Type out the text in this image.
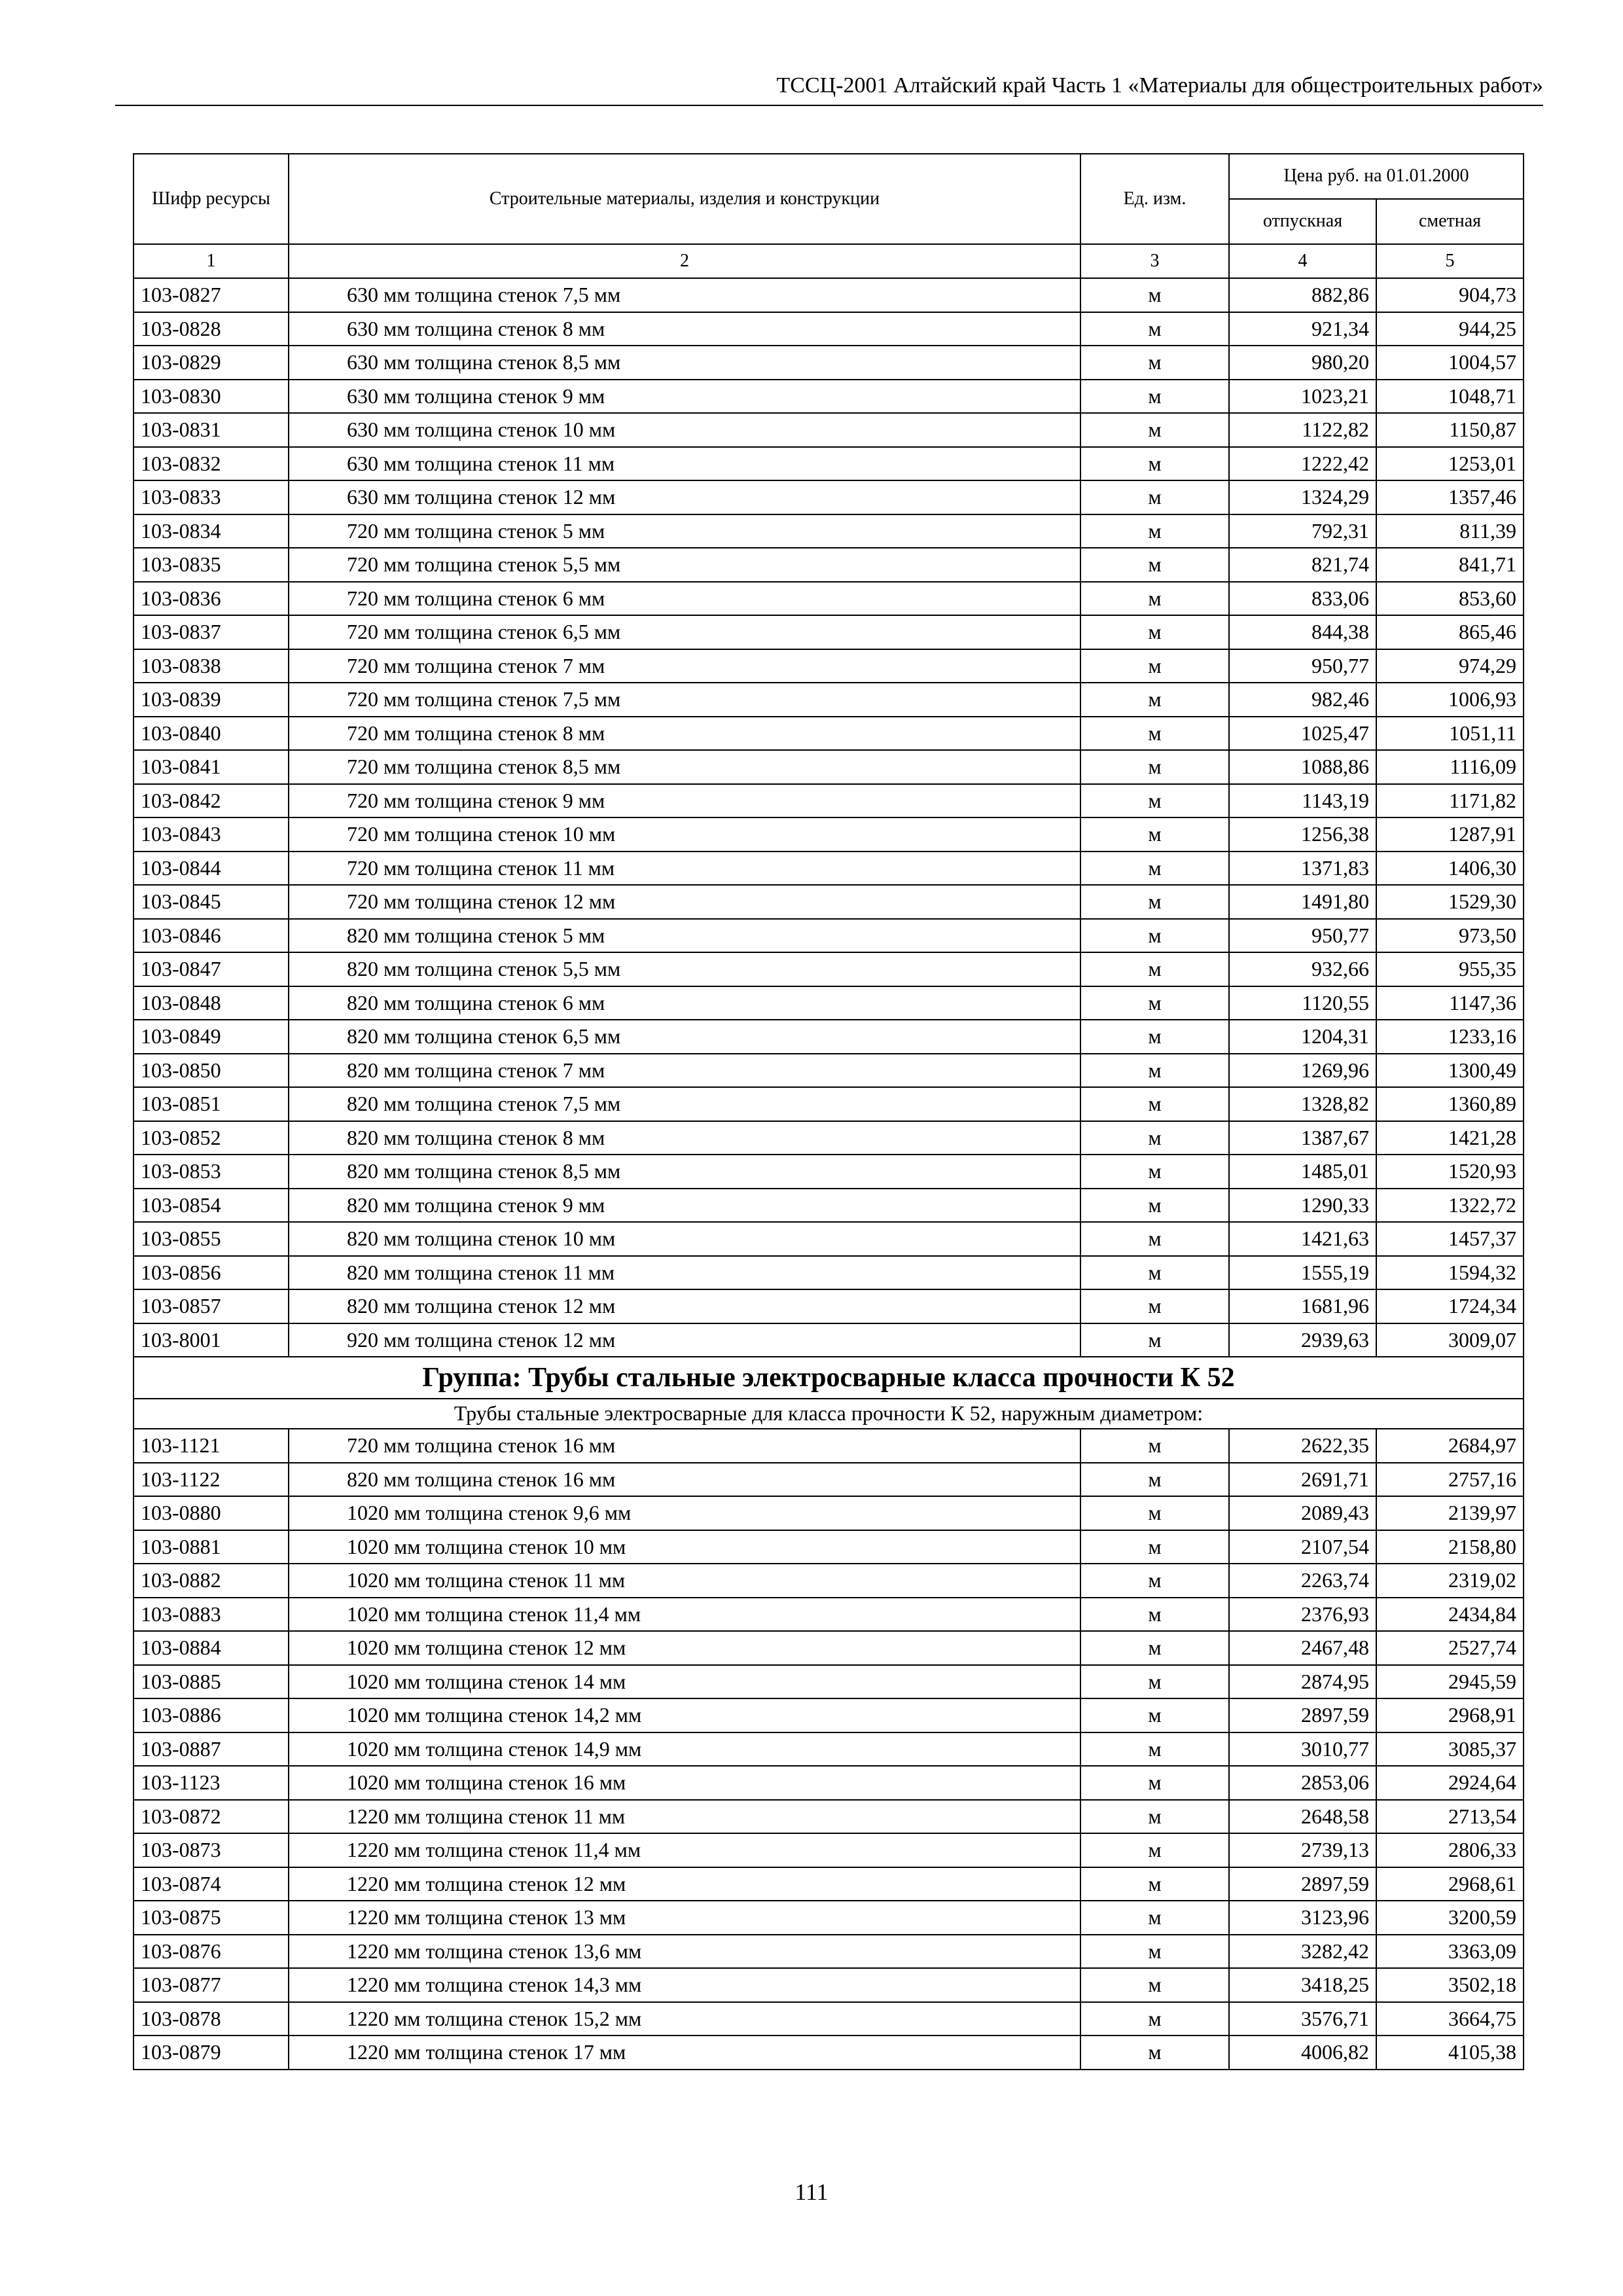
ТССЦ-2001 Алтайский край Часть 1 «Материалы для общестроительных работ»
Шифр ресурсы	Строительные материалы, изделия и конструкции	Ед. изм.	Цена руб. на 01.01.2000	
			отпускная	сметная
1	2	3	4	5
103-0827	630 мм толщина стенок 7,5 мм	м	882,86	904,73
103-0828	630 мм толщина стенок 8 мм	м	921,34	944,25
103-0829	630 мм толщина стенок 8,5 мм	м	980,20	1004,57
103-0830	630 мм толщина стенок 9 мм	м	1023,21	1048,71
103-0831	630 мм толщина стенок 10 мм	м	1122,82	1150,87
103-0832	630 мм толщина стенок 11 мм	м	1222,42	1253,01
103-0833	630 мм толщина стенок 12 мм	м	1324,29	1357,46
103-0834	720 мм толщина стенок 5 мм	м	792,31	811,39
103-0835	720 мм толщина стенок 5,5 мм	м	821,74	841,71
103-0836	720 мм толщина стенок 6 мм	м	833,06	853,60
103-0837	720 мм толщина стенок 6,5 мм	м	844,38	865,46
103-0838	720 мм толщина стенок 7 мм	м	950,77	974,29
103-0839	720 мм толщина стенок 7,5 мм	м	982,46	1006,93
103-0840	720 мм толщина стенок 8 мм	м	1025,47	1051,11
103-0841	720 мм толщина стенок 8,5 мм	м	1088,86	1116,09
103-0842	720 мм толщина стенок 9 мм	м	1143,19	1171,82
103-0843	720 мм толщина стенок 10 мм	м	1256,38	1287,91
103-0844	720 мм толщина стенок 11 мм	м	1371,83	1406,30
103-0845	720 мм толщина стенок 12 мм	м	1491,80	1529,30
103-0846	820 мм толщина стенок 5 мм	м	950,77	973,50
103-0847	820 мм толщина стенок 5,5 мм	м	932,66	955,35
103-0848	820 мм толщина стенок 6 мм	м	1120,55	1147,36
103-0849	820 мм толщина стенок 6,5 мм	м	1204,31	1233,16
103-0850	820 мм толщина стенок 7 мм	м	1269,96	1300,49
103-0851	820 мм толщина стенок 7,5 мм	м	1328,82	1360,89
103-0852	820 мм толщина стенок 8 мм	м	1387,67	1421,28
103-0853	820 мм толщина стенок 8,5 мм	м	1485,01	1520,93
103-0854	820 мм толщина стенок 9 мм	м	1290,33	1322,72
103-0855	820 мм толщина стенок 10 мм	м	1421,63	1457,37
103-0856	820 мм толщина стенок 11 мм	м	1555,19	1594,32
103-0857	820 мм толщина стенок 12 мм	м	1681,96	1724,34
103-8001	920 мм толщина стенок 12 мм	м	2939,63	3009,07
Группа: Трубы стальные электросварные класса прочности К 52				
Трубы стальные электросварные для класса прочности К 52, наружным диаметром:				
103-1121	720 мм толщина стенок 16 мм	м	2622,35	2684,97
103-1122	820 мм толщина стенок 16 мм	м	2691,71	2757,16
103-0880	1020 мм толщина стенок 9,6 мм	м	2089,43	2139,97
103-0881	1020 мм толщина стенок 10 мм	м	2107,54	2158,80
103-0882	1020 мм толщина стенок 11 мм	м	2263,74	2319,02
103-0883	1020 мм толщина стенок 11,4 мм	м	2376,93	2434,84
103-0884	1020 мм толщина стенок 12 мм	м	2467,48	2527,74
103-0885	1020 мм толщина стенок 14 мм	м	2874,95	2945,59
103-0886	1020 мм толщина стенок 14,2 мм	м	2897,59	2968,91
103-0887	1020 мм толщина стенок 14,9 мм	м	3010,77	3085,37
103-1123	1020 мм толщина стенок 16 мм	м	2853,06	2924,64
103-0872	1220 мм толщина стенок 11 мм	м	2648,58	2713,54
103-0873	1220 мм толщина стенок 11,4 мм	м	2739,13	2806,33
103-0874	1220 мм толщина стенок 12 мм	м	2897,59	2968,61
103-0875	1220 мм толщина стенок 13 мм	м	3123,96	3200,59
103-0876	1220 мм толщина стенок 13,6 мм	м	3282,42	3363,09
103-0877	1220 мм толщина стенок 14,3 мм	м	3418,25	3502,18
103-0878	1220 мм толщина стенок 15,2 мм	м	3576,71	3664,75
103-0879	1220 мм толщина стенок 17 мм	м	4006,82	4105,38
111
